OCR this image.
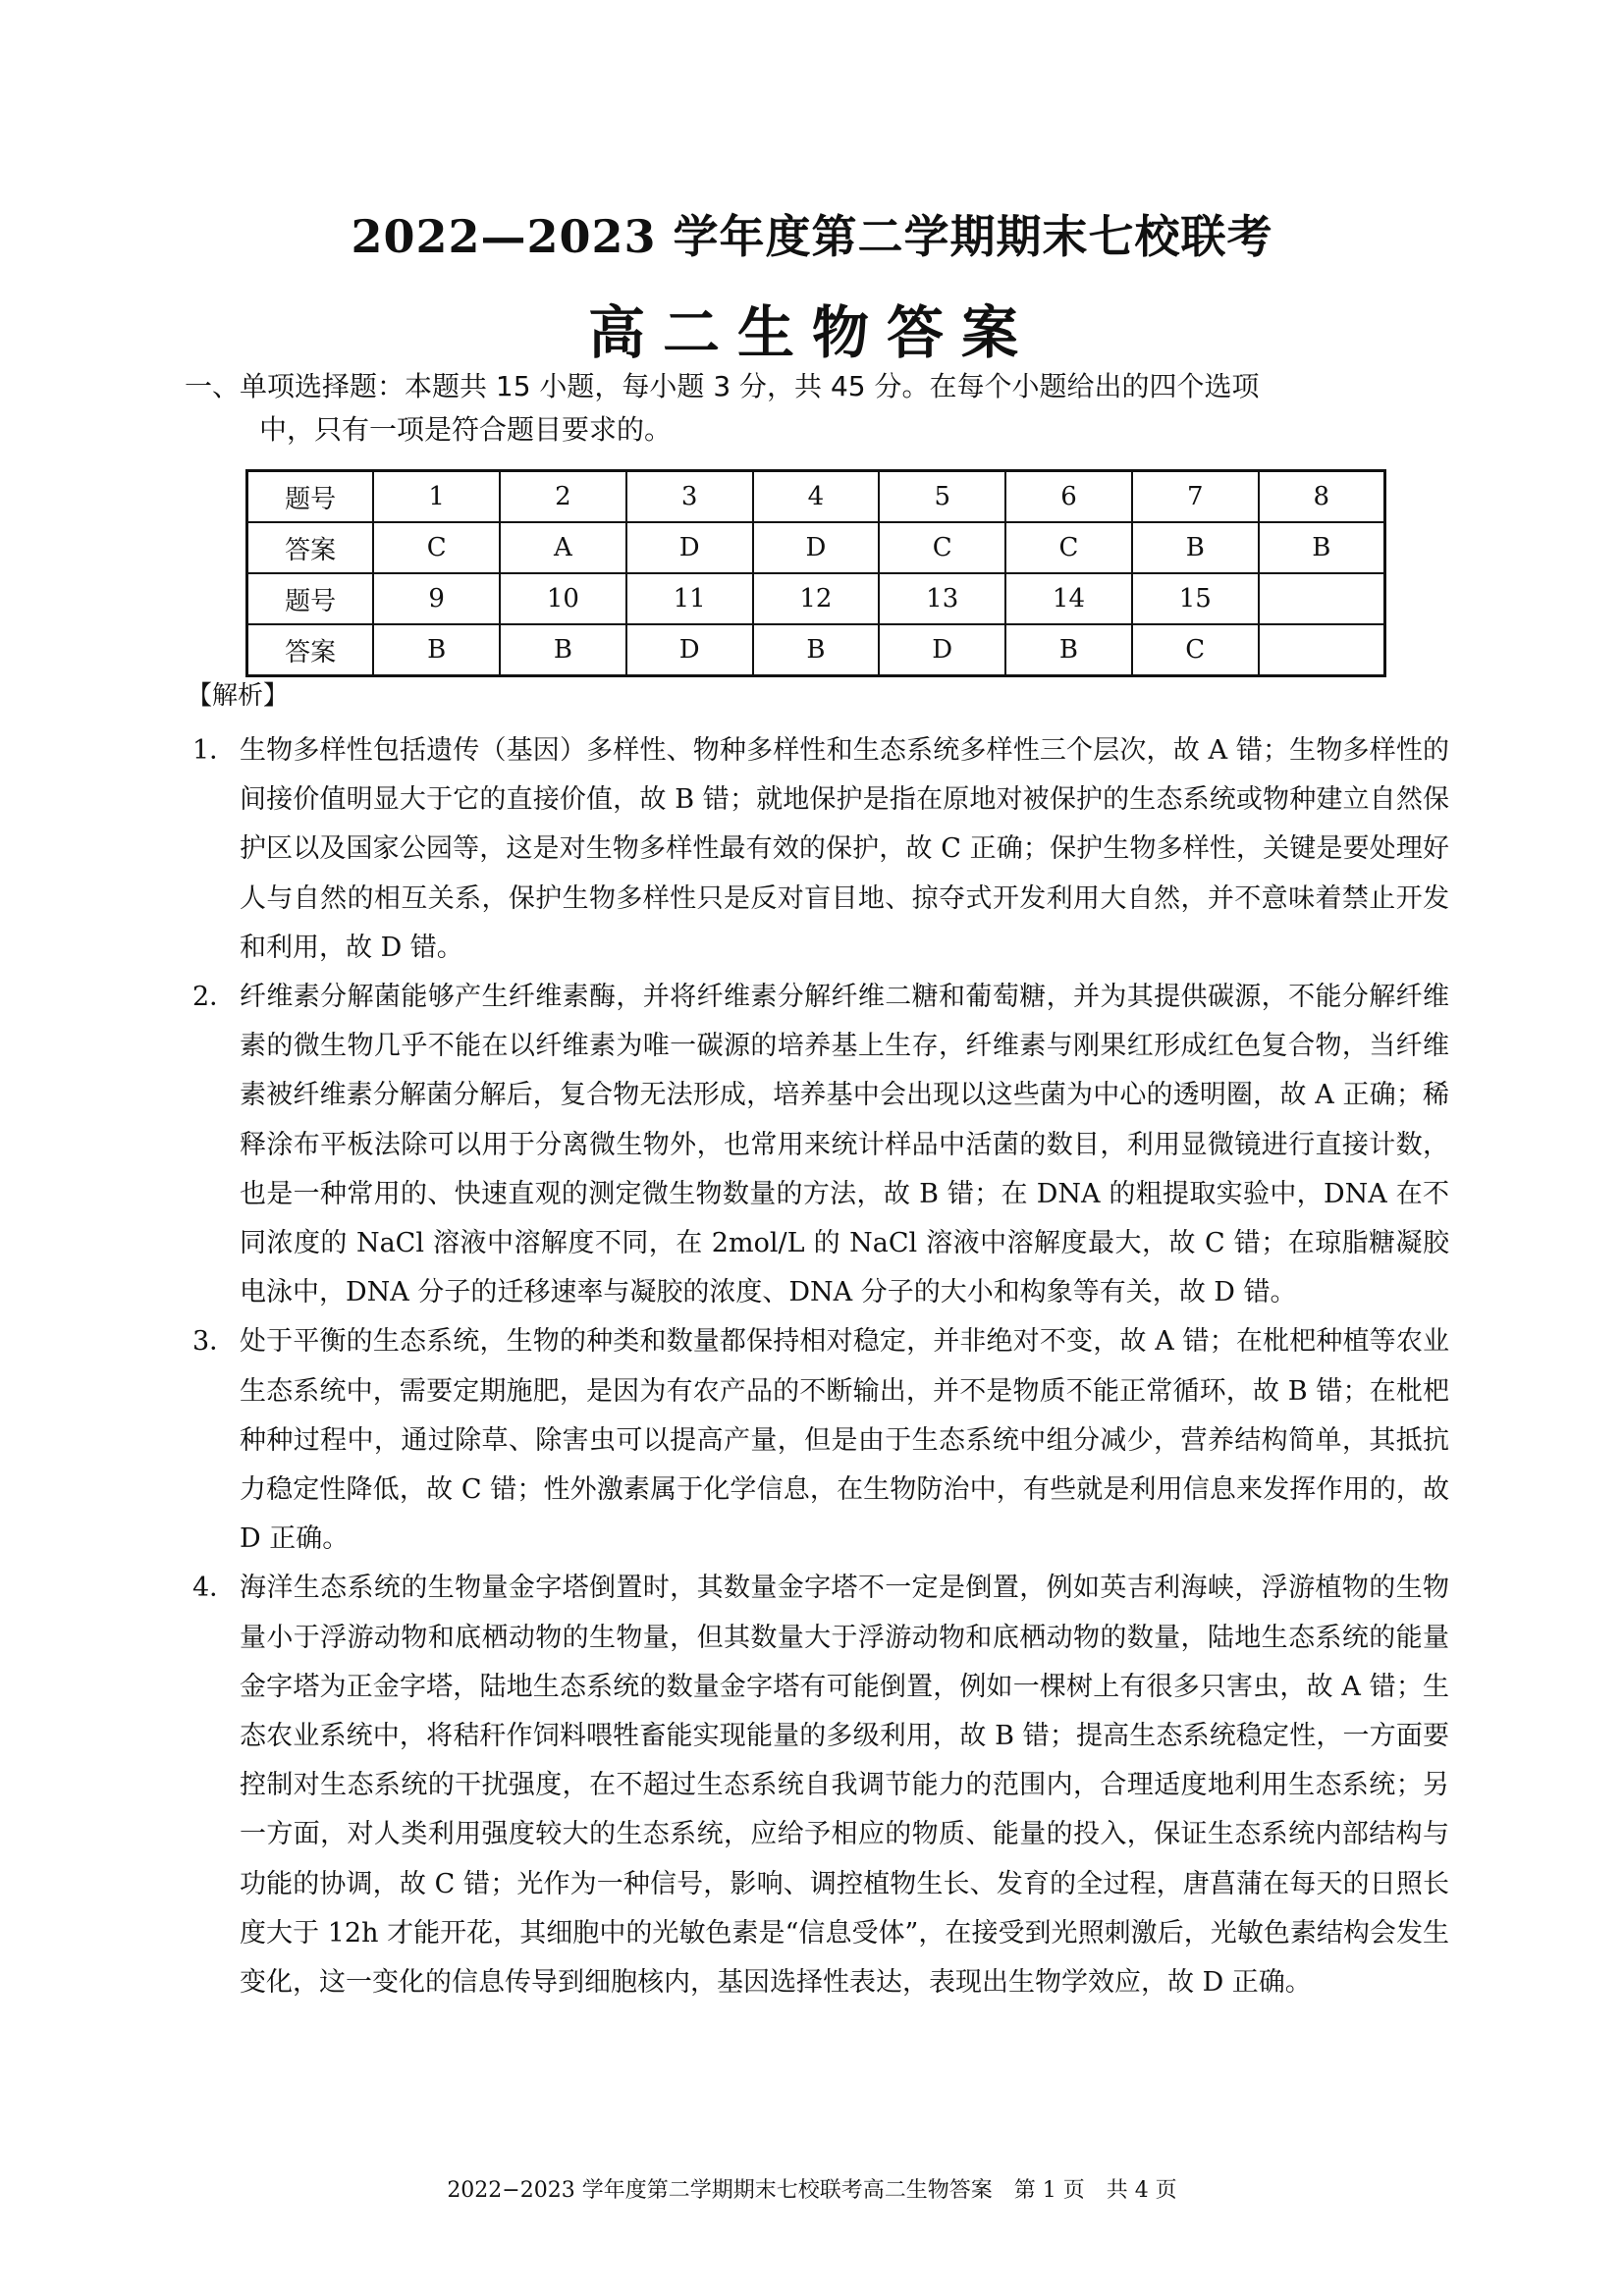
2022—2023 学年度第二学期期末七校联考
高二生物答案
一、单项选择题：本题共 15 小题，每小题 3 分，共 45 分。在每个小题给出的四个选项
中，只有一项是符合题目要求的。
题号	1	2	3	4	5	6	7	8
答案	C	A	D	D	C	C	B	B
题号	9	10	11	12	13	14	15	
答案	B	B	D	B	D	B	C	
【解析】
1． 生物多样性包括遗传（基因）多样性、物种多样性和生态系统多样性三个层次，故 A 错；生物多样性的间接价值明显大于它的直接价值，故 B 错；就地保护是指在原地对被保护的生态系统或物种建立自然保护区以及国家公园等，这是对生物多样性最有效的保护，故 C 正确；保护生物多样性，关键是要处理好人与自然的相互关系，保护生物多样性只是反对盲目地、掠夺式开发利用大自然，并不意味着禁止开发和利用，故 D 错。
2． 纤维素分解菌能够产生纤维素酶，并将纤维素分解纤维二糖和葡萄糖，并为其提供碳源，不能分解纤维素的微生物几乎不能在以纤维素为唯一碳源的培养基上生存，纤维素与刚果红形成红色复合物，当纤维素被纤维素分解菌分解后，复合物无法形成，培养基中会出现以这些菌为中心的透明圈，故 A 正确；稀释涂布平板法除可以用于分离微生物外，也常用来统计样品中活菌的数目，利用显微镜进行直接计数，也是一种常用的、快速直观的测定微生物数量的方法，故 B 错；在 DNA 的粗提取实验中，DNA 在不同浓度的 NaCl 溶液中溶解度不同，在 2mol/L 的 NaCl 溶液中溶解度最大，故 C 错；在琼脂糖凝胶电泳中，DNA 分子的迁移速率与凝胶的浓度、DNA 分子的大小和构象等有关，故 D 错。
3． 处于平衡的生态系统，生物的种类和数量都保持相对稳定，并非绝对不变，故 A 错；在枇杷种植等农业生态系统中，需要定期施肥，是因为有农产品的不断输出，并不是物质不能正常循环，故 B 错；在枇杷种种过程中，通过除草、除害虫可以提高产量，但是由于生态系统中组分减少，营养结构简单，其抵抗力稳定性降低，故 C 错；性外激素属于化学信息，在生物防治中，有些就是利用信息来发挥作用的，故 D 正确。
4． 海洋生态系统的生物量金字塔倒置时，其数量金字塔不一定是倒置，例如英吉利海峡，浮游植物的生物量小于浮游动物和底栖动物的生物量，但其数量大于浮游动物和底栖动物的数量，陆地生态系统的能量金字塔为正金字塔，陆地生态系统的数量金字塔有可能倒置，例如一棵树上有很多只害虫，故 A 错；生态农业系统中，将秸秆作饲料喂牲畜能实现能量的多级利用，故 B 错；提高生态系统稳定性，一方面要控制对生态系统的干扰强度，在不超过生态系统自我调节能力的范围内，合理适度地利用生态系统；另一方面，对人类利用强度较大的生态系统，应给予相应的物质、能量的投入，保证生态系统内部结构与功能的协调，故 C 错；光作为一种信号，影响、调控植物生长、发育的全过程，唐菖蒲在每天的日照长度大于 12h 才能开花，其细胞中的光敏色素是“信息受体”，在接受到光照刺激后，光敏色素结构会发生变化，这一变化的信息传导到细胞核内，基因选择性表达，表现出生物学效应，故 D 正确。
2022−2023 学年度第二学期期末七校联考高二生物答案　第 1 页　共 4 页
